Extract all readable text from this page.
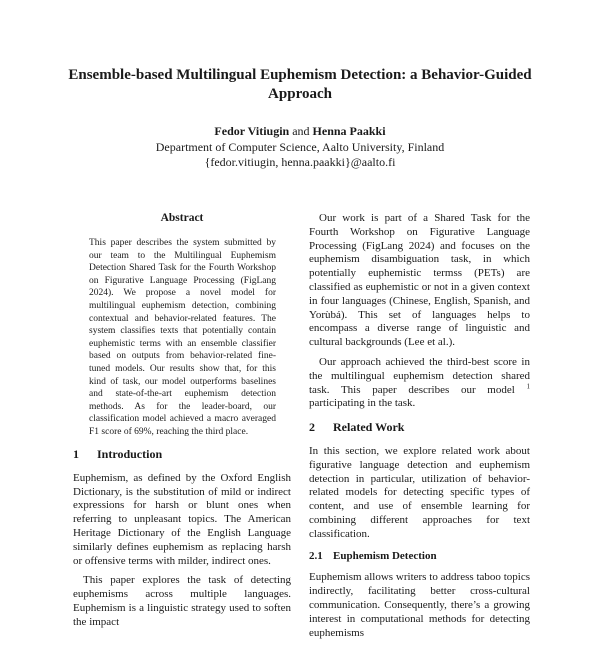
Ensemble-based Multilingual Euphemism Detection: a Behavior-Guided
Approach
Fedor Vitiugin and Henna Paakki
Department of Computer Science, Aalto University, Finland
{fedor.vitiugin, henna.paakki}@aalto.fi
Abstract

This paper describes the system submitted by our team to the Multilingual Euphemism Detection Shared Task for the Fourth Workshop on Figurative Language Processing (FigLang 2024). We propose a novel model for multilingual euphemism detection, combining contextual and behavior-related features. The system classifies texts that potentially contain euphemistic terms with an ensemble classifier based on outputs from behavior-related fine-tuned models. Our results show that, for this kind of task, our model outperforms baselines and state-of-the-art euphemism detection methods. As for the leader-board, our classification model achieved a macro averaged F1 score of 69%, reaching the third place.

1 Introduction

Euphemism, as defined by the Oxford English Dictionary, is the substitution of mild or indirect expressions for harsh or blunt ones when referring to unpleasant topics. The American Heritage Dictionary of the English Language similarly defines euphemism as replacing harsh or offensive terms with milder, indirect ones.

This paper explores the task of detecting euphemisms across multiple languages. Euphemism is a linguistic strategy used to soften the impact

Our work is part of a Shared Task for the Fourth Workshop on Figurative Language Processing (FigLang 2024) and focuses on the euphemism disambiguation task, in which potentially euphemistic termss (PETs) are classified as euphemistic or not in a given context in four languages (Chinese, English, Spanish, and Yorùbá). This set of languages helps to encompass a diverse range of linguistic and cultural backgrounds (Lee et al.).

Our approach achieved the third-best score in the multilingual euphemism detection shared task. This paper describes our model $^1$ participating in the task.

2 Related Work

In this section, we explore related work about figurative language detection and euphemism detection in particular, utilization of behavior-related models for detecting specific types of content, and use of ensemble learning for combining different approaches for text classification.

2.1 Euphemism Detection

Euphemism allows writers to address taboo topics indirectly, facilitating better cross-cultural communication. Consequently, there’s a growing interest in computational methods for detecting euphemisms
